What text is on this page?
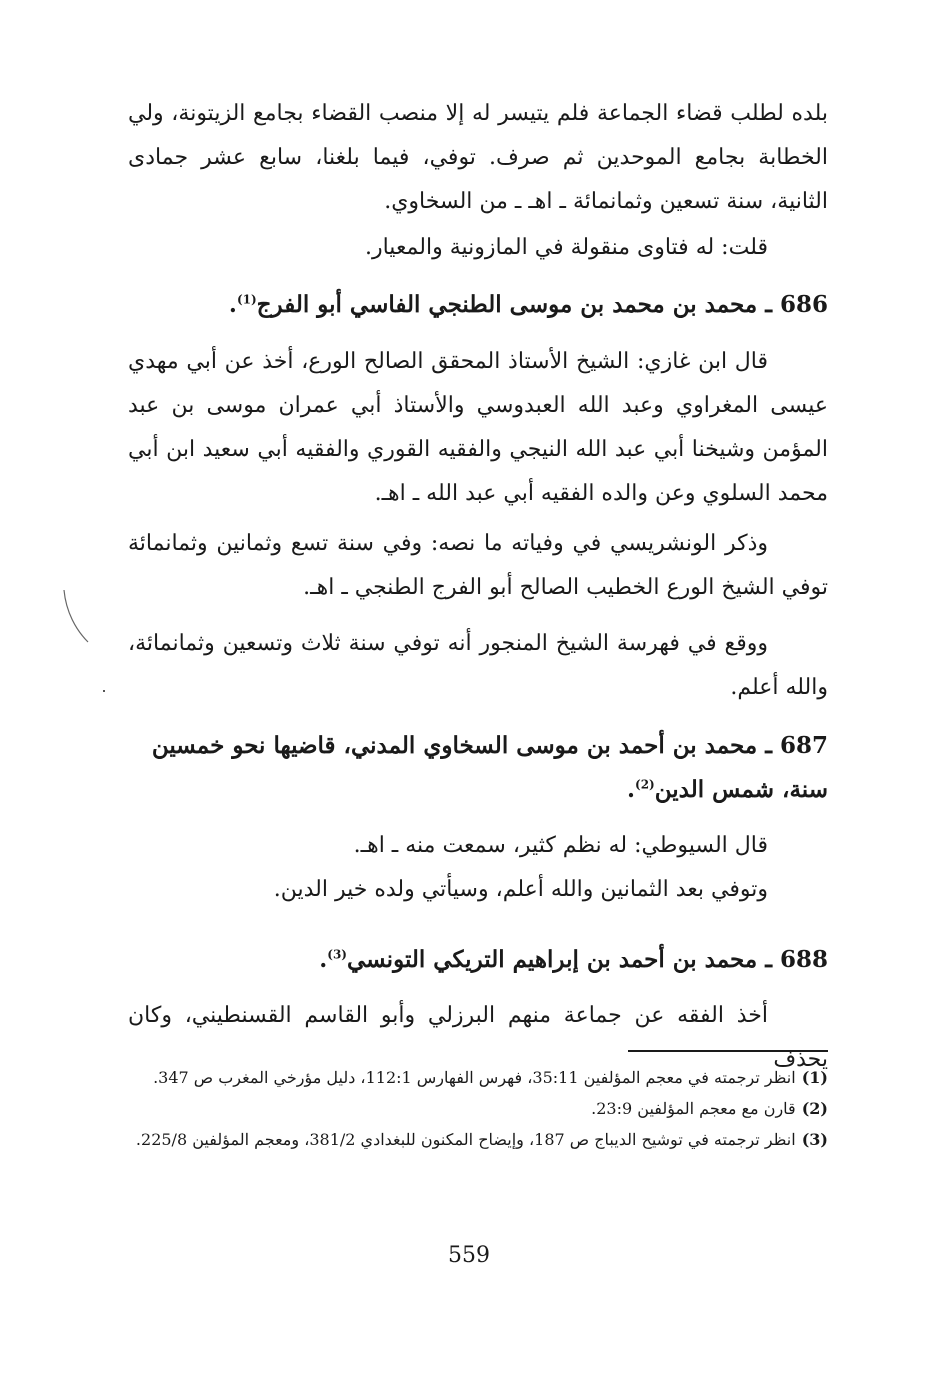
بلده لطلب قضاء الجماعة فلم يتيسر له إلا منصب القضاء بجامع الزيتونة، ولي الخطابة بجامع الموحدين ثم صرف. توفي، فيما بلغنا، سابع عشر جمادى الثانية، سنة تسعين وثمانمائة ـ اهـ ـ من السخاوي.

قلت: له فتاوى منقولة في المازونية والمعيار.

686 ـ محمد بن محمد بن موسى الطنجي الفاسي أبو الفرج$^{(1)}$.

قال ابن غازي: الشيخ الأستاذ المحقق الصالح الورع، أخذ عن أبي مهدي عيسى المغراوي وعبد الله العبدوسي والأستاذ أبي عمران موسى بن عبد المؤمن وشيخنا أبي عبد الله النيجي والفقيه القوري والفقيه أبي سعيد ابن أبي محمد السلوي وعن والده الفقيه أبي عبد الله ـ اهـ.

وذكر الونشريسي في وفياته ما نصه: وفي سنة تسع وثمانين وثمانمائة توفي الشيخ الورع الخطيب الصالح أبو الفرج الطنجي ـ اهـ.

ووقع في فهرسة الشيخ المنجور أنه توفي سنة ثلاث وتسعين وثمانمائة، والله أعلم.

687 ـ محمد بن أحمد بن موسى السخاوي المدني، قاضيها نحو خمسين سنة، شمس الدين$^{(2)}$.

قال السيوطي: له نظم كثير، سمعت منه ـ اهـ.

وتوفي بعد الثمانين والله أعلم، وسيأتي ولده خير الدين.

688 ـ محمد بن أحمد بن إبراهيم التريكي التونسي$^{(3)}$.

أخذ الفقه عن جماعة منهم البرزلي وأبو القاسم القسنطيني، وكان يحذف

(1)انظر ترجمته في معجم المؤلفين 35:11، فهرس الفهارس 112:1، دليل مؤرخي المغرب ص 347.

(2)قارن مع معجم المؤلفين 23:9.

(3)انظر ترجمته في توشيح الديباج ص 187، وإيضاح المكنون للبغدادي 381/2، ومعجم المؤلفين 225/8.

559
